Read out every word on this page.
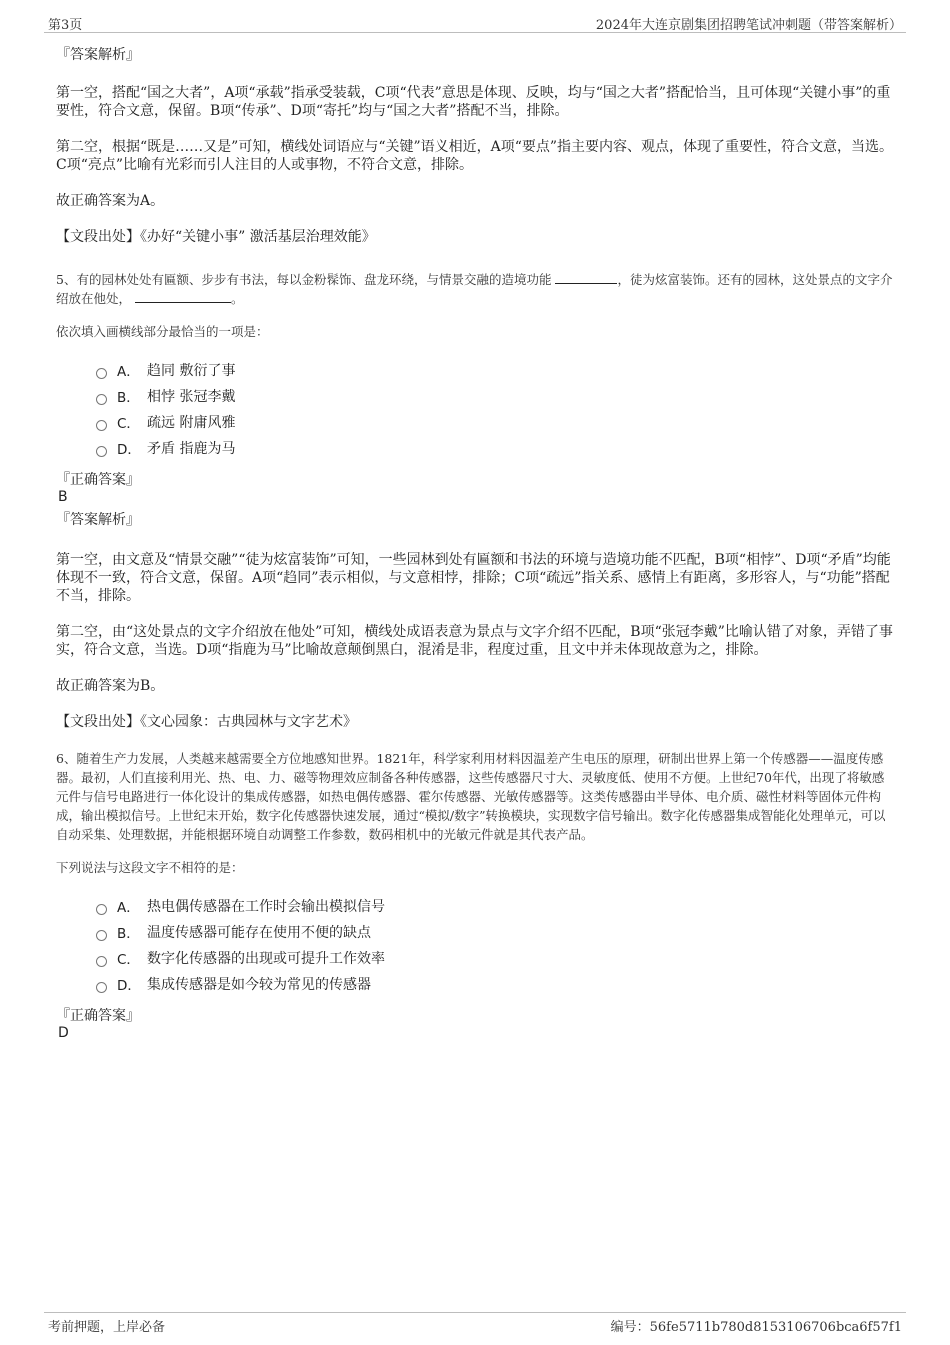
第3页	2024年大连京剧集团招聘笔试冲刺题（带答案解析）

『答案解析』

第一空，搭配“国之大者”，A项“承载”指承受装载，C项“代表”意思是体现、反映，均与“国之大者”搭配恰当，且可体现“关键小事”的重要性，符合文意，保留。B项“传承”、D项“寄托”均与“国之大者”搭配不当，排除。

第二空，根据“既是……又是”可知，横线处词语应与“关键”语义相近，A项“要点”指主要内容、观点，体现了重要性，符合文意，当选。C项“亮点”比喻有光彩而引人注目的人或事物，不符合文意，排除。

故正确答案为A。

【文段出处】《办好“关键小事” 激活基层治理效能》

5、有的园林处处有匾额、步步有书法，每以金粉髹饰、盘龙环绕，与情景交融的造境功能	，徒为炫富装饰。还有的园林，这处景点的文字介绍放在他处，	。

依次填入画横线部分最恰当的一项是：

A． 趋同 敷衍了事
B． 相悖 张冠李戴
C． 疏远 附庸风雅
D． 矛盾 指鹿为马

『正确答案』

B

『答案解析』

第一空，由文意及“情景交融”“徒为炫富装饰”可知，一些园林到处有匾额和书法的环境与造境功能不匹配，B项“相悖”、D项“矛盾”均能体现不一致，符合文意，保留。A项“趋同”表示相似，与文意相悖，排除；C项“疏远”指关系、感情上有距离，多形容人，与“功能”搭配不当，排除。

第二空，由“这处景点的文字介绍放在他处”可知，横线处成语表意为景点与文字介绍不匹配，B项“张冠李戴”比喻认错了对象，弄错了事实，符合文意，当选。D项“指鹿为马”比喻故意颠倒黑白，混淆是非，程度过重，且文中并未体现故意为之，排除。

故正确答案为B。

【文段出处】《文心园象：古典园林与文字艺术》

6、随着生产力发展，人类越来越需要全方位地感知世界。1821年，科学家利用材料因温差产生电压的原理，研制出世界上第一个传感器——温度传感器。最初，人们直接利用光、热、电、力、磁等物理效应制备各种传感器，这些传感器尺寸大、灵敏度低、使用不方便。上世纪70年代，出现了将敏感元件与信号电路进行一体化设计的集成传感器，如热电偶传感器、霍尔传感器、光敏传感器等。这类传感器由半导体、电介质、磁性材料等固体元件构成，输出模拟信号。上世纪末开始，数字化传感器快速发展，通过“模拟/数字”转换模块，实现数字信号输出。数字化传感器集成智能化处理单元，可以自动采集、处理数据，并能根据环境自动调整工作参数，数码相机中的光敏元件就是其代表产品。

下列说法与这段文字不相符的是：

A． 热电偶传感器在工作时会输出模拟信号
B． 温度传感器可能存在使用不便的缺点
C． 数字化传感器的出现或可提升工作效率
D． 集成传感器是如今较为常见的传感器

『正确答案』

D

考前押题，上岸必备	编号：56fe5711b780d8153106706bca6f57f1
